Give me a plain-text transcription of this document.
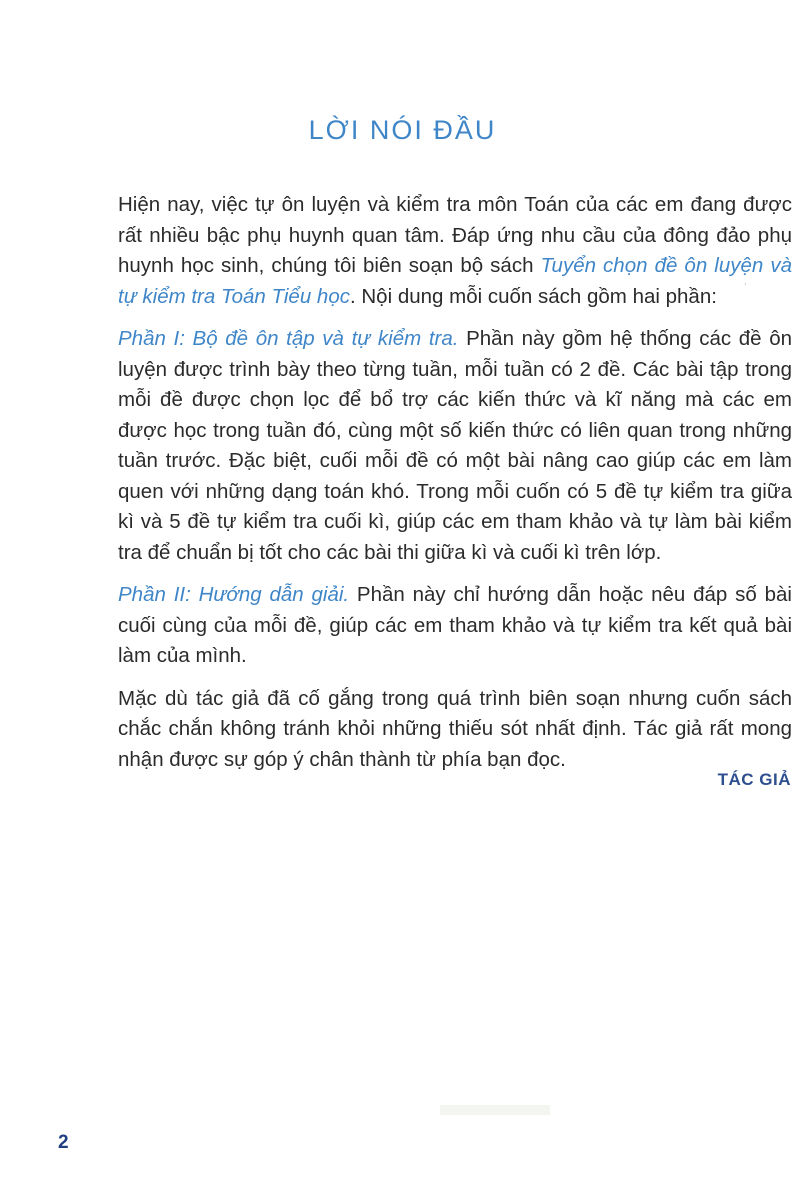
LỜI NÓI ĐẦU

Hiện nay, việc tự ôn luyện và kiểm tra môn Toán của các em đang được rất nhiều bậc phụ huynh quan tâm. Đáp ứng nhu cầu của đông đảo phụ huynh học sinh, chúng tôi biên soạn bộ sách Tuyển chọn đề ôn luyện và tự kiểm tra Toán Tiểu học. Nội dung mỗi cuốn sách gồm hai phần:

Phần I: Bộ đề ôn tập và tự kiểm tra. Phần này gồm hệ thống các đề ôn luyện được trình bày theo từng tuần, mỗi tuần có 2 đề. Các bài tập trong mỗi đề được chọn lọc để bổ trợ các kiến thức và kĩ năng mà các em được học trong tuần đó, cùng một số kiến thức có liên quan trong những tuần trước. Đặc biệt, cuối mỗi đề có một bài nâng cao giúp các em làm quen với những dạng toán khó. Trong mỗi cuốn có 5 đề tự kiểm tra giữa kì và 5 đề tự kiểm tra cuối kì, giúp các em tham khảo và tự làm bài kiểm tra để chuẩn bị tốt cho các bài thi giữa kì và cuối kì trên lớp.

Phần II: Hướng dẫn giải. Phần này chỉ hướng dẫn hoặc nêu đáp số bài cuối cùng của mỗi đề, giúp các em tham khảo và tự kiểm tra kết quả bài làm của mình.

Mặc dù tác giả đã cố gắng trong quá trình biên soạn nhưng cuốn sách chắc chắn không tránh khỏi những thiếu sót nhất định. Tác giả rất mong nhận được sự góp ý chân thành từ phía bạn đọc.

TÁC GIẢ
ʼ
2
